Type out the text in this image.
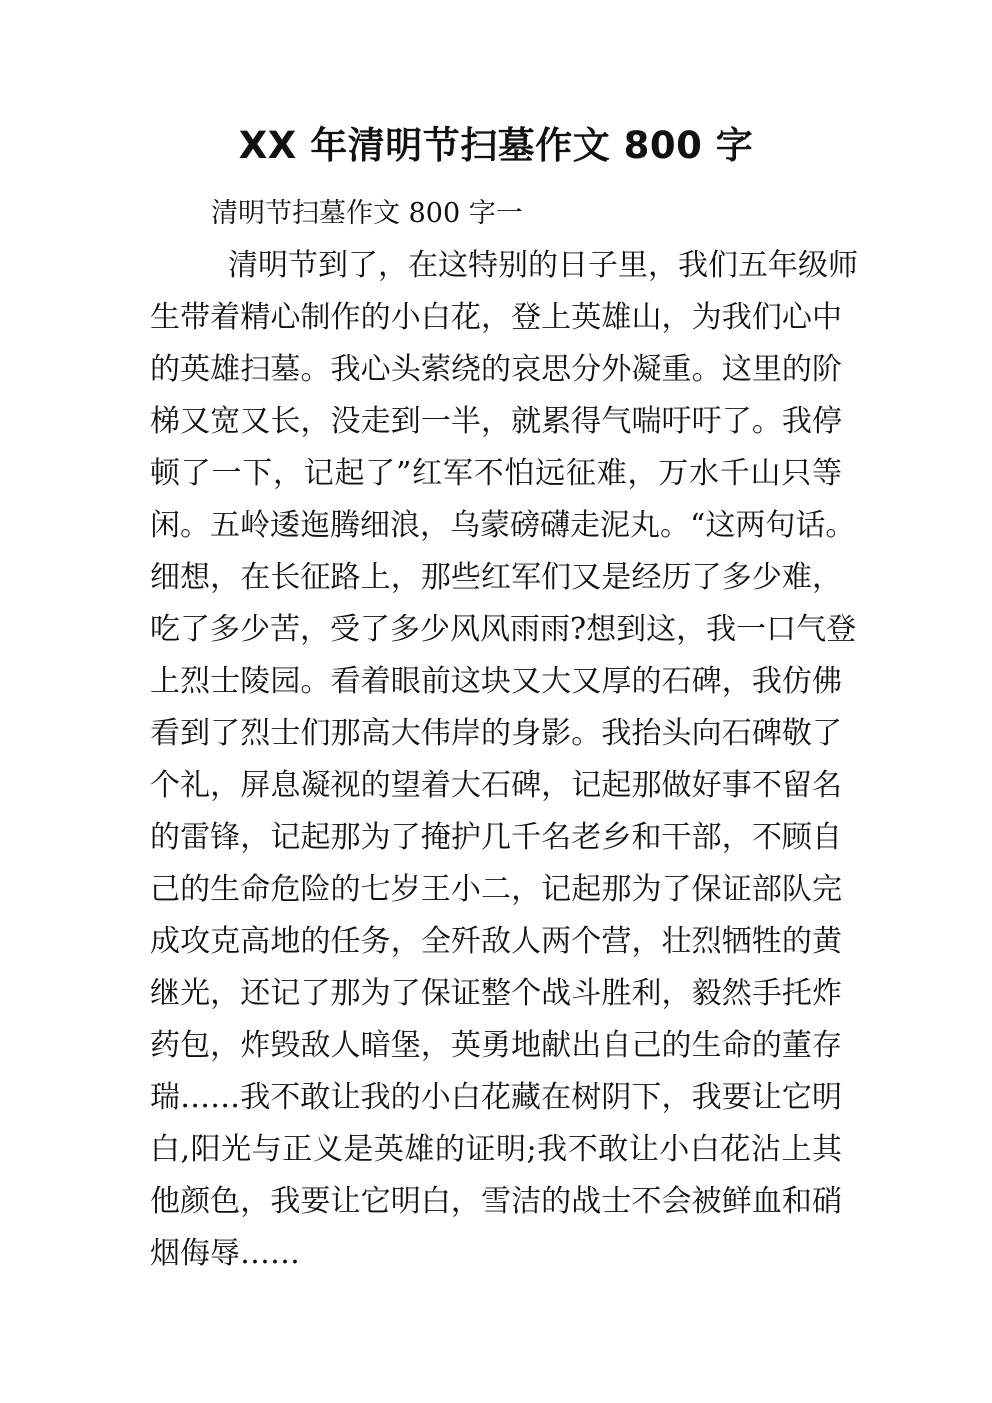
XX 年清明节扫墓作文 800 字

清明节扫墓作文 800 字一

清明节到了，在这特别的日子里，我们五年级师
生带着精心制作的小白花，登上英雄山，为我们心中
的英雄扫墓。我心头萦绕的哀思分外凝重。这里的阶
梯又宽又长，没走到一半，就累得气喘吁吁了。我停
顿了一下，记起了”红军不怕远征难，万水千山只等
闲。五岭逶迤腾细浪，乌蒙磅礴走泥丸。“这两句话。
细想，在长征路上，那些红军们又是经历了多少难，
吃了多少苦，受了多少风风雨雨?想到这，我一口气登
上烈士陵园。看着眼前这块又大又厚的石碑，我仿佛
看到了烈士们那高大伟岸的身影。我抬头向石碑敬了
个礼，屏息凝视的望着大石碑，记起那做好事不留名
的雷锋，记起那为了掩护几千名老乡和干部，不顾自
己的生命危险的七岁王小二，记起那为了保证部队完
成攻克高地的任务，全歼敌人两个营，壮烈牺牲的黄
继光，还记了那为了保证整个战斗胜利，毅然手托炸
药包，炸毁敌人暗堡，英勇地献出自己的生命的董存
瑞……我不敢让我的小白花藏在树阴下，我要让它明
白,阳光与正义是英雄的证明;我不敢让小白花沾上其
他颜色，我要让它明白，雪洁的战士不会被鲜血和硝
烟侮辱……
